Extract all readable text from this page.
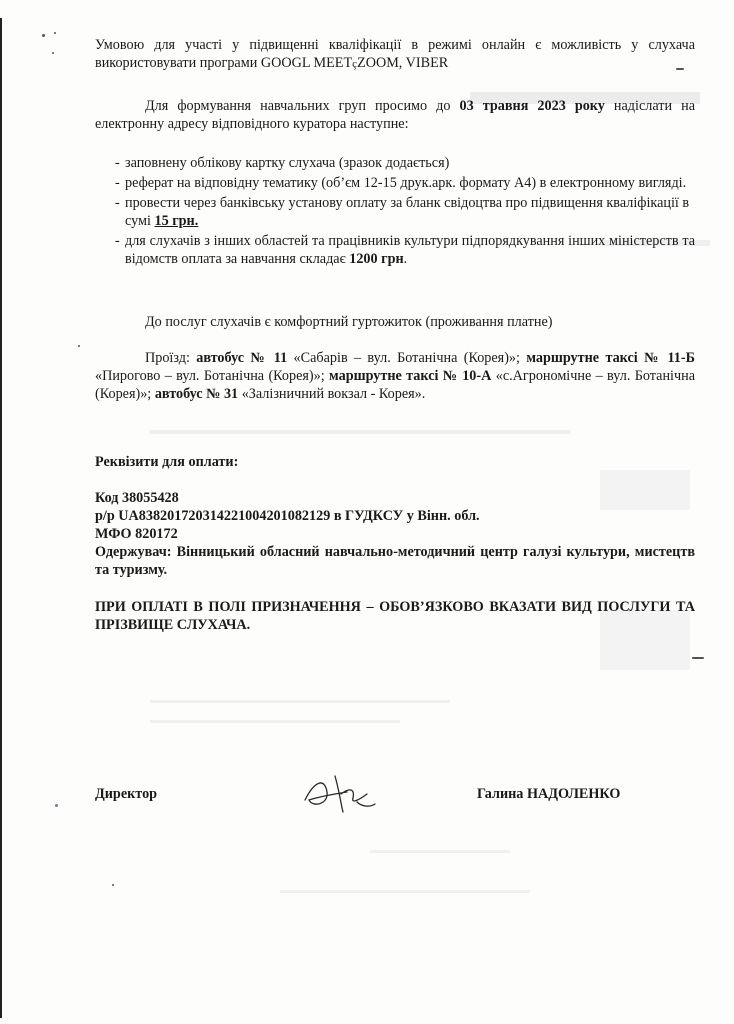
Умовою для участі у підвищенні кваліфікації в режимі онлайн є можливість у слухача використовувати програми GOOGL MEETçZOOM, VIBER
Для формування навчальних груп просимо до 03 травня 2023 року надіслати на електронну адресу відповідного куратора наступне:
- заповнену облікову картку слухача (зразок додається)
- реферат на відповідну тематику (об’єм 12-15 друк.арк. формату А4) в електронному вигляді.
- провести через банківську установу оплату за бланк свідоцтва про підвищення кваліфікації в сумі 15 грн.
- для слухачів з інших областей та працівників культури підпорядкування інших міністерств та відомств оплата за навчання складає 1200 грн.
До послуг слухачів є комфортний гуртожиток (проживання платне)
Проїзд: автобус № 11 «Сабарів – вул. Ботанічна (Корея)»; маршрутне таксі № 11-Б «Пирогово – вул. Ботанічна (Корея)»; маршрутне таксі № 10-А «с.Агрономічне – вул. Ботанічна (Корея)»; автобус № 31 «Залізничний вокзал - Корея».
Реквізити для оплати:
Код 38055428
р/р UA838201720314221004201082129 в ГУДКСУ у Вінн. обл.
МФО 820172
Одержувач: Вінницький обласний навчально-методичний центр галузі культури, мистецтв та туризму.
ПРИ ОПЛАТІ В ПОЛІ ПРИЗНАЧЕННЯ – ОБОВ’ЯЗКОВО ВКАЗАТИ ВИД ПОСЛУГИ ТА ПРІЗВИЩЕ СЛУХАЧА.
Директор	Галина НАДОЛЕНКО
